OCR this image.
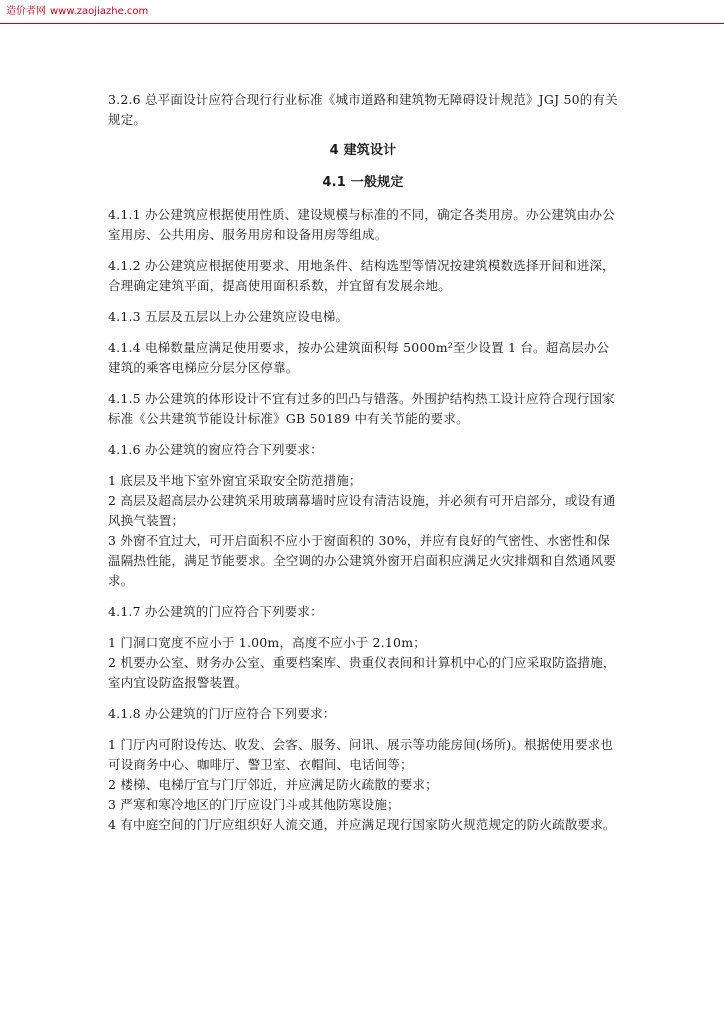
造价者网 www.zaojiazhe.com

3.2.6 总平面设计应符合现行行业标准《城市道路和建筑物无障碍设计规范》JGJ 50的有关规定。

4 建筑设计
4.1 一般规定

4.1.1 办公建筑应根据使用性质、建设规模与标准的不同，确定各类用房。办公建筑由办公室用房、公共用房、服务用房和设备用房等组成。

4.1.2 办公建筑应根据使用要求、用地条件、结构选型等情况按建筑模数选择开间和进深，合理确定建筑平面，提高使用面积系数，并宜留有发展余地。

4.1.3 五层及五层以上办公建筑应设电梯。

4.1.4 电梯数量应满足使用要求，按办公建筑面积每 5000m²至少设置 1 台。超高层办公建筑的乘客电梯应分层分区停靠。

4.1.5 办公建筑的体形设计不宜有过多的凹凸与错落。外围护结构热工设计应符合现行国家标准《公共建筑节能设计标准》GB 50189 中有关节能的要求。

4.1.6 办公建筑的窗应符合下列要求：

1 底层及半地下室外窗宜采取安全防范措施；

2 高层及超高层办公建筑采用玻璃幕墙时应设有清洁设施，并必须有可开启部分，或设有通风换气装置；

3 外窗不宜过大，可开启面积不应小于窗面积的 30%，并应有良好的气密性、水密性和保温隔热性能，满足节能要求。全空调的办公建筑外窗开启面积应满足火灾排烟和自然通风要求。

4.1.7 办公建筑的门应符合下列要求：

1 门洞口宽度不应小于 1.00m，高度不应小于 2.10m；

2 机要办公室、财务办公室、重要档案库、贵重仪表间和计算机中心的门应采取防盗措施，室内宜设防盗报警装置。

4.1.8 办公建筑的门厅应符合下列要求：

1 门厅内可附设传达、收发、会客、服务、问讯、展示等功能房间(场所)。根据使用要求也可设商务中心、咖啡厅、警卫室、衣帽间、电话间等；

2 楼梯、电梯厅宜与门厅邻近，并应满足防火疏散的要求；

3 严寒和寒冷地区的门厅应设门斗或其他防寒设施；

4 有中庭空间的门厅应组织好人流交通，并应满足现行国家防火规范规定的防火疏散要求。
